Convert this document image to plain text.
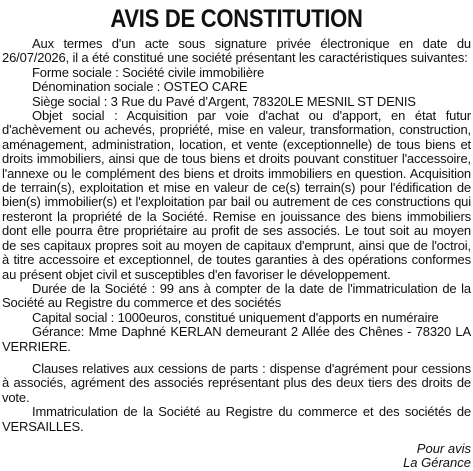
AVIS DE CONSTITUTION

Aux termes d'un acte sous signature privée électronique en date du 26/07/2026, il a été constitué une société présentant les caractéristiques suivantes:

Forme sociale : Société civile immobilière

Dénomination sociale : OSTEO CARE

Siège social : 3 Rue du Pavé d’Argent, 78320LE MESNIL ST DENIS

Objet social : Acquisition par voie d'achat ou d'apport, en état futur d'achèvement ou achevés, propriété, mise en valeur, transformation, construction, aménagement, administration, location, et vente (exceptionnelle) de tous biens et droits immobiliers, ainsi que de tous biens et droits pouvant constituer l'accessoire, l'annexe ou le complément des biens et droits immobiliers en question. Acquisition de terrain(s), exploitation et mise en valeur de ce(s) terrain(s) pour l'édification de bien(s) immobilier(s) et l'exploitation par bail ou autrement de ces constructions qui resteront la propriété de la Société. Remise en jouissance des biens immobiliers dont elle pourra être propriétaire au profit de ses associés. Le tout soit au moyen de ses capitaux propres soit au moyen de capitaux d'emprunt, ainsi que de l'octroi, à titre accessoire et exceptionnel, de toutes garanties à des opérations conformes au présent objet civil et susceptibles d'en favoriser le développement.

Durée de la Société : 99 ans à compter de la date de l'immatriculation de la Société au Registre du commerce et des sociétés

Capital social : 1000euros, constitué uniquement d'apports en numéraire

Gérance: Mme Daphné KERLAN demeurant 2 Allée des Chênes - 78320 LA VERRIERE.

Clauses relatives aux cessions de parts : dispense d'agrément pour cessions à associés, agrément des associés représentant plus des deux tiers des droits de vote.

Immatriculation de la Société au Registre du commerce et des sociétés de VERSAILLES.

Pour avis
La Gérance
